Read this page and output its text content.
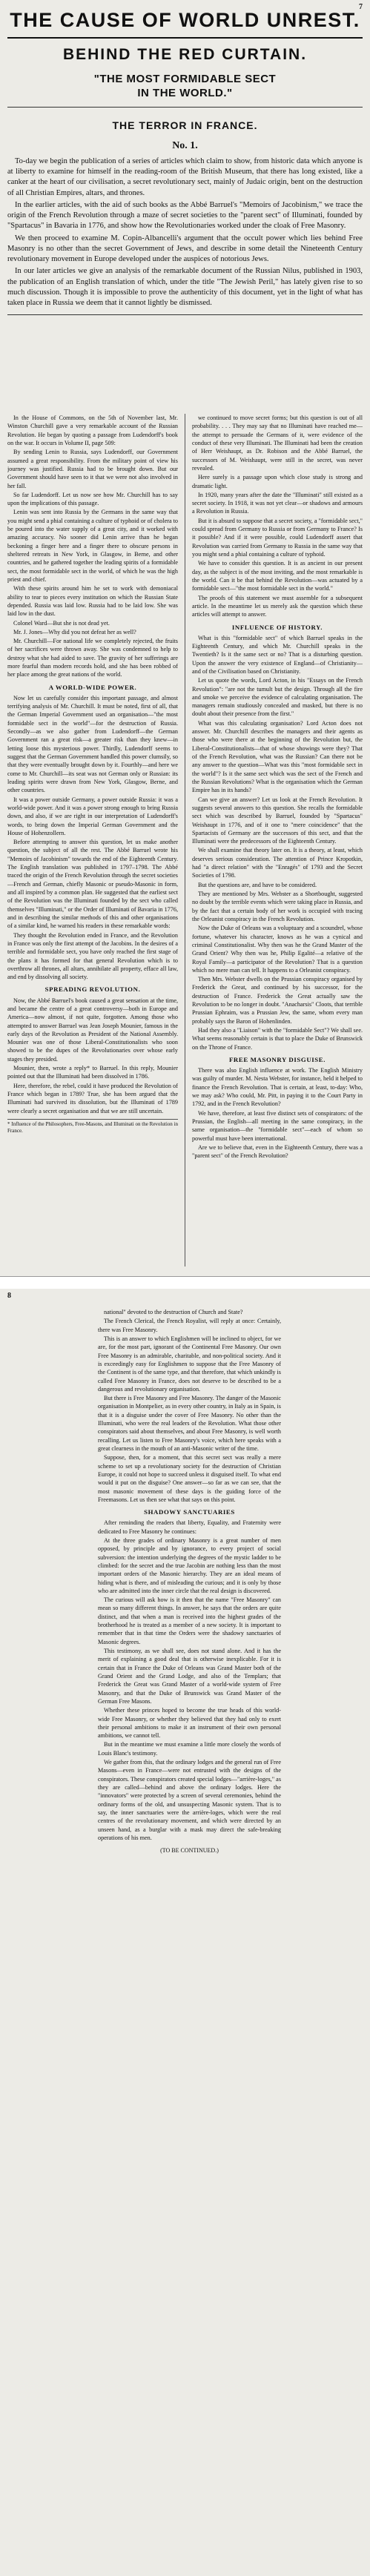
7
THE CAUSE OF WORLD UNREST.
BEHIND THE RED CURTAIN.
"THE MOST FORMIDABLE SECT
IN THE WORLD."
THE TERROR IN FRANCE.
No. 1.

To-day we begin the publication of a series of articles which claim to show, from historic data which anyone is at liberty to examine for himself in the reading-room of the British Museum, that there has long existed, like a canker at the heart of our civilisation, a secret revolutionary sect, mainly of Judaic origin, bent on the destruction of all Christian Empires, altars, and thrones.

In the earlier articles, with the aid of such books as the Abbé Barruel's "Memoirs of Jacobinism," we trace the origin of the French Revolution through a maze of secret societies to the "parent sect" of Illuminati, founded by "Spartacus" in Bavaria in 1776, and show how the Revolutionaries worked under the cloak of Free Masonry.

We then proceed to examine M. Copin-Albancelli's argument that the occult power which lies behind Free Masonry is no other than the secret Government of Jews, and describe in some detail the Nineteenth Century revolutionary movement in Europe developed under the auspices of notorious Jews.

In our later articles we give an analysis of the remarkable document of the Russian Nilus, published in 1903, the publication of an English translation of which, under the title "The Jewish Peril," has lately given rise to so much discussion. Though it is impossible to prove the authenticity of this document, yet in the light of what has taken place in Russia we deem that it cannot lightly be dismissed.

In the House of Commons, on the 5th of November last, Mr. Winston Churchill gave a very remarkable account of the Russian Revolution. He began by quoting a passage from Ludendorff's book on the war. It occurs in Volume II, page 509:

By sending Lenin to Russia, says Ludendorff, our Government assumed a great responsibility. From the military point of view his journey was justified. Russia had to be brought down. But our Government should have seen to it that we were not also involved in her fall.

So far Ludendorff. Let us now see how Mr. Churchill has to say upon the implications of this passage.

Lenin was sent into Russia by the Germans in the same way that you might send a phial containing a culture of typhoid or of cholera to be poured into the water supply of a great city, and it worked with amazing accuracy. No sooner did Lenin arrive than he began beckoning a finger here and a finger there to obscure persons in sheltered retreats in New York, in Glasgow, in Berne, and other countries, and he gathered together the leading spirits of a formidable sect, the most formidable sect in the world, of which he was the high priest and chief.

With these spirits around him he set to work with demoniacal ability to tear to pieces every institution on which the Russian State depended. Russia was laid low. Russia had to be laid low. She was laid low in the dust.

Colonel Ward—But she is not dead yet.

Mr. J. Jones—Why did you not defeat her as well?

Mr. Churchill—For national life we completely rejected, the fruits of her sacrifices were thrown away. She was condemned to help to destroy what she had aided to save. The gravity of her sufferings are more fearful than modern records hold, and she has been robbed of her place among the great nations of the world.

A WORLD-WIDE POWER.

Now let us carefully consider this important passage, and almost terrifying analysis of Mr. Churchill. It must be noted, first of all, that the German Imperial Government used an organisation—"the most formidable sect in the world"—for the destruction of Russia. Secondly—as we also gather from Ludendorff—the German Government ran a great risk—a greater risk than they knew—in letting loose this mysterious power. Thirdly, Ludendorff seems to suggest that the German Government handled this power clumsily, so that they were eventually brought down by it. Fourthly—and here we come to Mr. Churchill—its seat was not German only or Russian: its leading spirits were drawn from New York, Glasgow, Berne, and other countries.

It was a power outside Germany, a power outside Russia: it was a world-wide power. And it was a power strong enough to bring Russia down, and also, if we are right in our interpretation of Ludendorff's words, to bring down the Imperial German Government and the House of Hohenzollern.

Before attempting to answer this question, let us make another question, the subject of all the rest. The Abbé Barruel wrote his "Memoirs of Jacobinism" towards the end of the Eighteenth Century. The English translation was published in 1797–1798. The Abbé traced the origin of the French Revolution through the secret societies—French and German, chiefly Masonic or pseudo-Masonic in form, and all inspired by a common plan. He suggested that the earliest sect of the Revolution was the Illuminati founded by the sect who called themselves "Illuminati," or the Order of Illuminati of Bavaria in 1776, and in describing the similar methods of this and other organisations of a similar kind, he warned his readers in these remarkable words:

They thought the Revolution ended in France, and the Revolution in France was only the first attempt of the Jacobins. In the desires of a terrible and formidable sect, you have only reached the first stage of the plans it has formed for that general Revolution which is to overthrow all thrones, all altars, annihilate all property, efface all law, and end by dissolving all society.

SPREADING REVOLUTION.

Now, the Abbé Barruel's book caused a great sensation at the time, and became the centre of a great controversy—both in Europe and America—now almost, if not quite, forgotten. Among those who attempted to answer Barruel was Jean Joseph Mounier, famous in the early days of the Revolution as President of the National Assembly. Mounier was one of those Liberal-Constitutionalists who soon showed to be the dupes of the Revolutionaries over whose early stages they presided.

Mounier, then, wrote a reply* to Barruel. In this reply, Mounier pointed out that the Illuminati had been dissolved in 1786.

Here, therefore, the rebel, could it have produced the Revolution of France which began in 1789? True, she has been argued that the Illuminati had survived its dissolution, but the Illuminati of 1789 were clearly a secret organisation and that we are still uncertain.

* Influence of the Philosophers, Free-Masons, and Illuminati on the Revolution in France.

we continued to move secret forms; but this question is out of all probability. . . . They may say that no Illuminati have reached me—the attempt to persuade the Germans of it, were evidence of the conduct of these very Illuminati. The Illuminati had been the creation of Herr Weishaupt, as Dr. Robison and the Abbé Barruel, the successors of M. Weishaupt, were still in the secret, was never revealed.

Here surely is a passage upon which close study is strong and dramatic light.

In 1920, many years after the date the "Illuminati" still existed as a secret society. In 1918, it was not yet clear—or shadows and armours a Revolution in Russia.

But it is absurd to suppose that a secret society, a "formidable sect," could spread from Germany to Russia or from Germany to France? Is it possible? And if it were possible, could Ludendorff assert that Revolution was carried from Germany to Russia in the same way that you might send a phial containing a culture of typhoid.

We have to consider this question. It is as ancient in our present day, as the subject is of the most inviting, and the most remarkable is the world. Can it be that behind the Revolution—was actuated by a formidable sect—"the most formidable sect in the world."

The proofs of this statement we must assemble for a subsequent article. In the meantime let us merely ask the question which these articles will attempt to answer.

INFLUENCE OF HISTORY.

What is this "formidable sect" of which Barruel speaks in the Eighteenth Century, and which Mr. Churchill speaks in the Twentieth? Is it the same sect or no? That is a disturbing question. Upon the answer the very existence of England—of Christianity—and of the Civilisation based on Christianity.

Let us quote the words, Lord Acton, in his "Essays on the French Revolution": "are not the tumult but the design. Through all the fire and smoke we perceive the evidence of calculating organisation. The managers remain studiously concealed and masked, but there is no doubt about their presence from the first."

What was this calculating organisation? Lord Acton does not answer. Mr. Churchill describes the managers and their agents as those who were there at the beginning of the Revolution but, the Liberal-Constitutionalists—that of whose showings were they? That of the French Revolution, what was the Russian? Can there not be any answer to the question—What was this "most formidable sect in the world"? Is it the same sect which was the sect of the French and the Russian Revolutions? What is the organisation which the German Empire has in its hands?

Can we give an answer? Let us look at the French Revolution. It suggests several answers to this question. She recalls the formidable sect which was described by Barruel, founded by "Spartacus" Weishaupt in 1776, and of it one to "mere coincidence" that the Spartacists of Germany are the successors of this sect, and that the Illuminati were the predecessors of the Eighteenth Century.

We shall examine that theory later on. It is a theory, at least, which deserves serious consideration. The attention of Prince Kropotkin, had "a direct relation" with the "Enragés" of 1793 and the Secret Societies of 1798.

But the questions are, and have to be considered.

They are mentioned by Mrs. Webster as a Shortbought, suggested no doubt by the terrible events which were taking place in Russia, and by the fact that a certain body of her work is occupied with tracing the Orleanist conspiracy in the French Revolution.

Now the Duke of Orleans was a voluptuary and a scoundrel, whose fortune, whatever his character, knows as he was a cynical and criminal Constitutionalist. Why then was he the Grand Master of the Grand Orient? Why then was he, Philip Egalité—a relative of the Royal Family—a participator of the Revolution? That is a question which no mere man can tell. It happens to a Orleanist conspiracy.

Then Mrs. Webster dwells on the Prussian conspiracy organised by Frederick the Great, and continued by his successor, for the destruction of France. Frederick the Great actually saw the Revolution to be no longer in doubt. "Anacharsis" Cloots, that terrible Prussian Ephraim, was a Prussian Jew, the same, whom every man probably says the Baron of Hohenlinden.

Had they also a "Liaison" with the "formidable Sect"? We shall see. What seems reasonably certain is that to place the Duke of Brunswick on the Throne of France.

FREE MASONRY DISGUISE.

There was also English influence at work. The English Ministry was guilty of murder. M. Nesta Webster, for instance, held it helped to finance the French Revolution. That is certain, at least, to-day: Who, we may ask? Who could, Mr. Pitt, in paying it to the Court Party in 1792, and in the French Revolution?

We have, therefore, at least five distinct sets of conspirators: of the Prussian, the English—all meeting in the same conspiracy, in the same organisation—the "formidable sect"—each of whom so powerful must have been international.

Are we to believe that, even in the Eighteenth Century, there was a "parent sect" of the French Revolution?

8

national" devoted to the destruction of Church and State?

The French Clerical, the French Royalist, will reply at once: Certainly, there was Free Masonry.

This is an answer to which Englishmen will be inclined to object, for we are, for the most part, ignorant of the Continental Free Masonry. Our own Free Masonry is an admirable, charitable, and non-political society. And it is exceedingly easy for Englishmen to suppose that the Free Masonry of the Continent is of the same type, and that therefore, that which unkindly is called Free Masonry in France, does not deserve to be described to be a dangerous and revolutionary organisation.

But there is Free Masonry and Free Masonry. The danger of the Masonic organisation in Montpelier, as in every other country, in Italy as in Spain, is that it is a disguise under the cover of Free Masonry. No other than the Illuminati, who were the real leaders of the Revolution. What those other conspirators said about themselves, and about Free Masonry, is well worth recalling. Let us listen to Free Masonry's voice, which here speaks with a great clearness in the mouth of an anti-Masonic writer of the time.

Suppose, then, for a moment, that this secret sect was really a mere scheme to set up a revolutionary society for the destruction of Christian Europe, it could not hope to succeed unless it disguised itself. To what end would it put on the disguise? One answer—so far as we can see, that the most masonic movement of these days is the guiding force of the Freemasons. Let us then see what that says on this point.

SHADOWY SANCTUARIES

After reminding the readers that liberty, Equality, and Fraternity were dedicated to Free Masonry he continues:

At the three grades of ordinary Masonry is a great number of men opposed, by principle and by ignorance, to every project of social subversion: the intention underlying the degrees of the mystic ladder to be climbed: for the secret and the true Jacobin are nothing less than the most important orders of the Masonic hierarchy. They are an ideal means of hiding what is there, and of misleading the curious; and it is only by those who are admitted into the inner circle that the real design is discovered.

The curious will ask how is it then that the name "Free Masonry" can mean so many different things. In answer, he says that the orders are quite distinct, and that when a man is received into the highest grades of the brotherhood he is treated as a member of a new society. It is important to remember that in that time the Orders were the shadowy sanctuaries of Masonic degrees.

This testimony, as we shall see, does not stand alone. And it has the merit of explaining a good deal that is otherwise inexplicable. For it is certain that in France the Duke of Orleans was Grand Master both of the Grand Orient and the Grand Lodge, and also of the Templars; that Frederick the Great was Grand Master of a world-wide system of Free Masonry, and that the Duke of Brunswick was Grand Master of the German Free Masons.

Whether these princes hoped to become the true heads of this world-wide Free Masonry, or whether they believed that they had only to exert their personal ambitions to make it an instrument of their own personal ambitions, we cannot tell.

But in the meantime we must examine a little more closely the words of Louis Blanc's testimony.

We gather from this, that the ordinary lodges and the general run of Free Masons—even in France—were not entrusted with the designs of the conspirators. These conspirators created special lodges—"arrière-loges," as they are called—behind and above the ordinary lodges. Here the "innovators" were protected by a screen of several ceremonies, behind the ordinary forms of the old, and unsuspecting Masonic system. That is to say, the inner sanctuaries were the arrière-loges, which were the real centres of the revolutionary movement, and which were directed by an unseen hand, as a burglar with a mask may direct the safe-breaking operations of his men.

(TO BE CONTINUED.)
